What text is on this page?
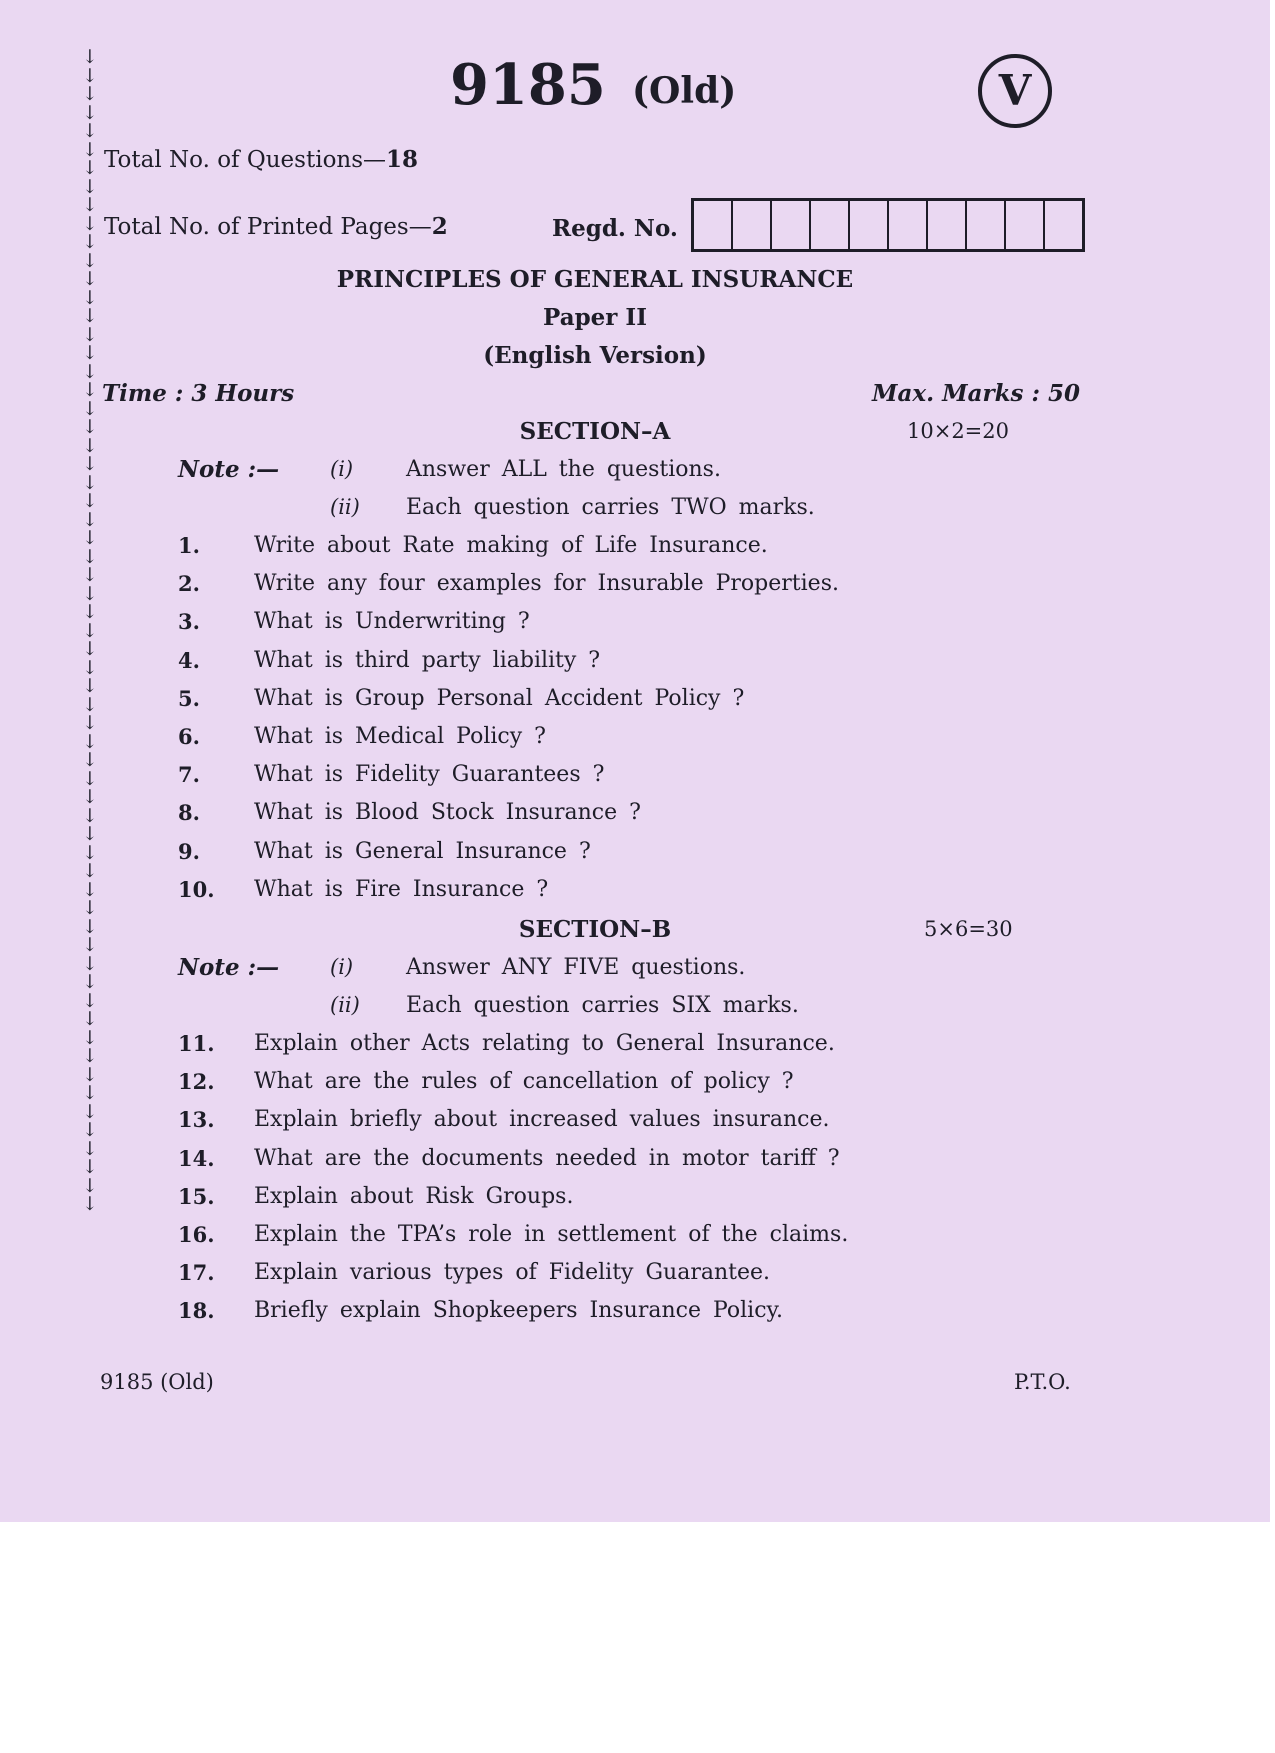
↓
↓
↓
↓
↓
↓
↓
↓
↓
↓
↓
↓
↓
↓
↓
↓
↓
↓
↓
↓
↓
↓
↓
↓
↓
↓
↓
↓
↓
↓
↓
↓
↓
↓
↓
↓
↓
↓
↓
↓
↓
↓
↓
↓
↓
↓
↓
↓
↓
↓
↓
↓
↓
↓
↓
↓
↓
↓
↓
↓
↓
↓
↓
9185 (Old)	V
Total No. of Questions—18
Total No. of Printed Pages—2	Regd. No.
PRINCIPLES OF GENERAL INSURANCE
Paper II
(English Version)
Time : 3 Hours	Max. Marks : 50
SECTION–A	10×2=20
Note :— (i) Answer ALL the questions.
(ii) Each question carries TWO marks.
1. Write about Rate making of Life Insurance.
2. Write any four examples for Insurable Properties.
3. What is Underwriting ?
4. What is third party liability ?
5. What is Group Personal Accident Policy ?
6. What is Medical Policy ?
7. What is Fidelity Guarantees ?
8. What is Blood Stock Insurance ?
9. What is General Insurance ?
10. What is Fire Insurance ?
SECTION–B	5×6=30
Note :— (i) Answer ANY FIVE questions.
(ii) Each question carries SIX marks.
11. Explain other Acts relating to General Insurance.
12. What are the rules of cancellation of policy ?
13. Explain briefly about increased values insurance.
14. What are the documents needed in motor tariff ?
15. Explain about Risk Groups.
16. Explain the TPA’s role in settlement of the claims.
17. Explain various types of Fidelity Guarantee.
18. Briefly explain Shopkeepers Insurance Policy.
9185 (Old)	P.T.O.
